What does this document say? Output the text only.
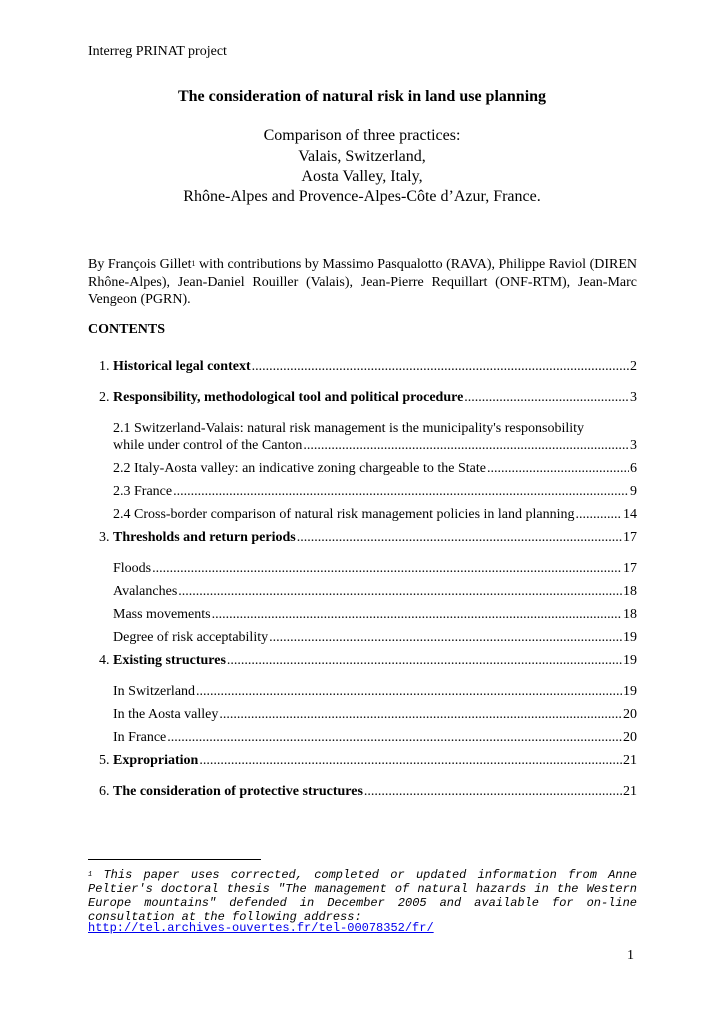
Interreg PRINAT project
The consideration of natural risk in land use planning
Comparison of three practices:
Valais, Switzerland,
Aosta Valley, Italy,
Rhône-Alpes and Provence-Alpes-Côte d’Azur, France.
By François Gillet$^1$ with contributions by Massimo Pasqualotto (RAVA), Philippe Raviol (DIREN Rhône-Alpes), Jean-Daniel Rouiller (Valais), Jean-Pierre Requillart (ONF-RTM), Jean-Marc Vengeon (PGRN).
CONTENTS
1. Historical legal context .....	2
2. Responsibility, methodological tool and political procedure .....	3
2.1 Switzerland-Valais: natural risk management is the municipality's responsobility
while under control of the Canton .....	3
2.2 Italy-Aosta valley: an indicative zoning chargeable to the State .....	6
2.3 France .....	9
2.4 Cross-border comparison of natural risk management policies in land planning .....	14
3. Thresholds and return periods .....	17
Floods .....	17
Avalanches .....	18
Mass movements .....	18
Degree of risk acceptability .....	19
4. Existing structures .....	19
In Switzerland .....	19
In the Aosta valley .....	20
In France .....	20
5. Expropriation .....	21
6. The consideration of protective structures .....	21
$^1$ This paper uses corrected, completed or updated information from Anne Peltier's doctoral thesis "The management of natural hazards in the Western Europe mountains" defended in December 2005 and available for on-line consultation at the following address:
http://tel.archives-ouvertes.fr/tel-00078352/fr/
1
